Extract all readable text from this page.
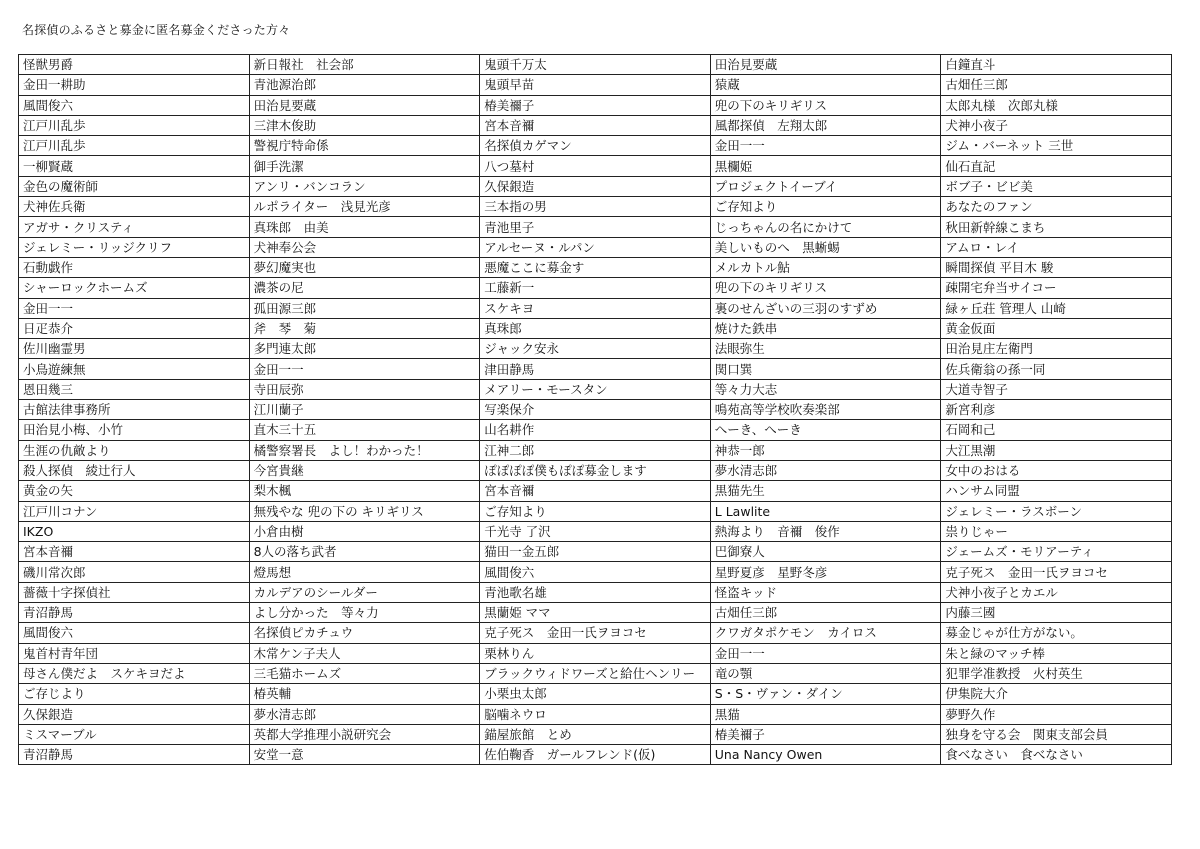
名探偵のふるさと募金に匿名募金くださった方々
怪獣男爵	新日報社　社会部	鬼頭千万太	田治見要蔵	白鐘直斗
金田一耕助	青池源治郎	鬼頭早苗	猿蔵	古畑任三郎
風間俊六	田治見要蔵	椿美禰子	兜の下のキリギリス	太郎丸様　次郎丸様
江戸川乱歩	三津木俊助	宮本音禰	風都探偵　左翔太郎	犬神小夜子
江戸川乱歩	警視庁特命係	名探偵カゲマン	金田一一	ジム・バーネット 三世
一柳賢蔵	御手洗潔	八つ墓村	黒欄姫	仙石直記
金色の魔術師	アンリ・バンコラン	久保銀造	プロジェクトイーブイ	ボブ子・ビビ美
犬神佐兵衛	ルポライター　浅見光彦	三本指の男	ご存知より	あなたのファン
アガサ・クリスティ	真珠郎　由美	青池里子	じっちゃんの名にかけて	秋田新幹線こまち
ジェレミー・リッジクリフ	犬神奉公会	アルセーヌ・ルパン	美しいものへ　黒蜥蜴	アムロ・レイ
石動戯作	夢幻魔実也	悪魔ここに募金す	メルカトル鮎	瞬間探偵 平目木 駿
シャーロックホームズ	濃茶の尼	工藤新一	兜の下のキリギリス	疎開宅弁当サイコー
金田一一	孤田源三郎	スケキヨ	裏のせんざいの三羽のすずめ	緑ヶ丘荘 管理人 山崎
日疋恭介	斧　琴　菊	真珠郎	焼けた鉄串	黄金仮面
佐川幽霊男	多門連太郎	ジャック安永	法眼弥生	田治見庄左衛門
小鳥遊練無	金田一一	津田静馬	関口巽	佐兵衛翁の孫一同
恩田幾三	寺田辰弥	メアリー・モースタン	等々力大志	大道寺智子
古館法律事務所	江川蘭子	写楽保介	鳴苑高等学校吹奏楽部	新宮利彦
田治見小梅、小竹	直木三十五	山名耕作	へーき、へーき	石岡和己
生涯の仇敵より	橘警察署長　よし！わかった！	江神二郎	神恭一郎	大江黒潮
殺人探偵　綾辻行人	今宮貴継	ぽぽぽぽ僕もぽぽ募金します	夢水清志郎	女中のおはる
黄金の矢	梨木楓	宮本音禰	黒猫先生	ハンサム同盟
江戸川コナン	無残やな 兜の下の キリギリス	ご存知より	L Lawlite	ジェレミー・ラスボーン
IKZO	小倉由樹	千光寺 了沢	熱海より　音禰　俊作	祟りじゃー
宮本音禰	8人の落ち武者	猫田一金五郎	巴御寮人	ジェームズ・モリアーティ
磯川常次郎	燈馬想	風間俊六	星野夏彦　星野冬彦	克子死ス　金田一氏ヲヨコセ
薔薇十字探偵社	カルデアのシールダー	青池歌名雄	怪盗キッド	犬神小夜子とカエル
青沼静馬	よし分かった　等々力	黒蘭姫 ママ	古畑任三郎	内藤三國
風間俊六	名探偵ピカチュウ	克子死ス　金田一氏ヲヨコセ	クワガタポケモン　カイロス	募金じゃが仕方がない。
鬼首村青年団	木常ケン子夫人	栗林りん	金田一一	朱と緑のマッチ棒
母さん僕だよ　スケキヨだよ	三毛猫ホームズ	ブラックウィドワーズと給仕ヘンリー	竜の顎	犯罪学准教授　火村英生
ご存じより	椿英輔	小栗虫太郎	S・S・ヴァン・ダイン	伊集院大介
久保銀造	夢水清志郎	脳噛ネウロ	黒猫	夢野久作
ミスマーブル	英都大学推理小説研究会	錨屋旅館　とめ	椿美禰子	独身を守る会　関東支部会員
青沼静馬	安堂一意	佐伯鞠香　ガールフレンド(仮)	Una Nancy Owen	食べなさい　食べなさい
